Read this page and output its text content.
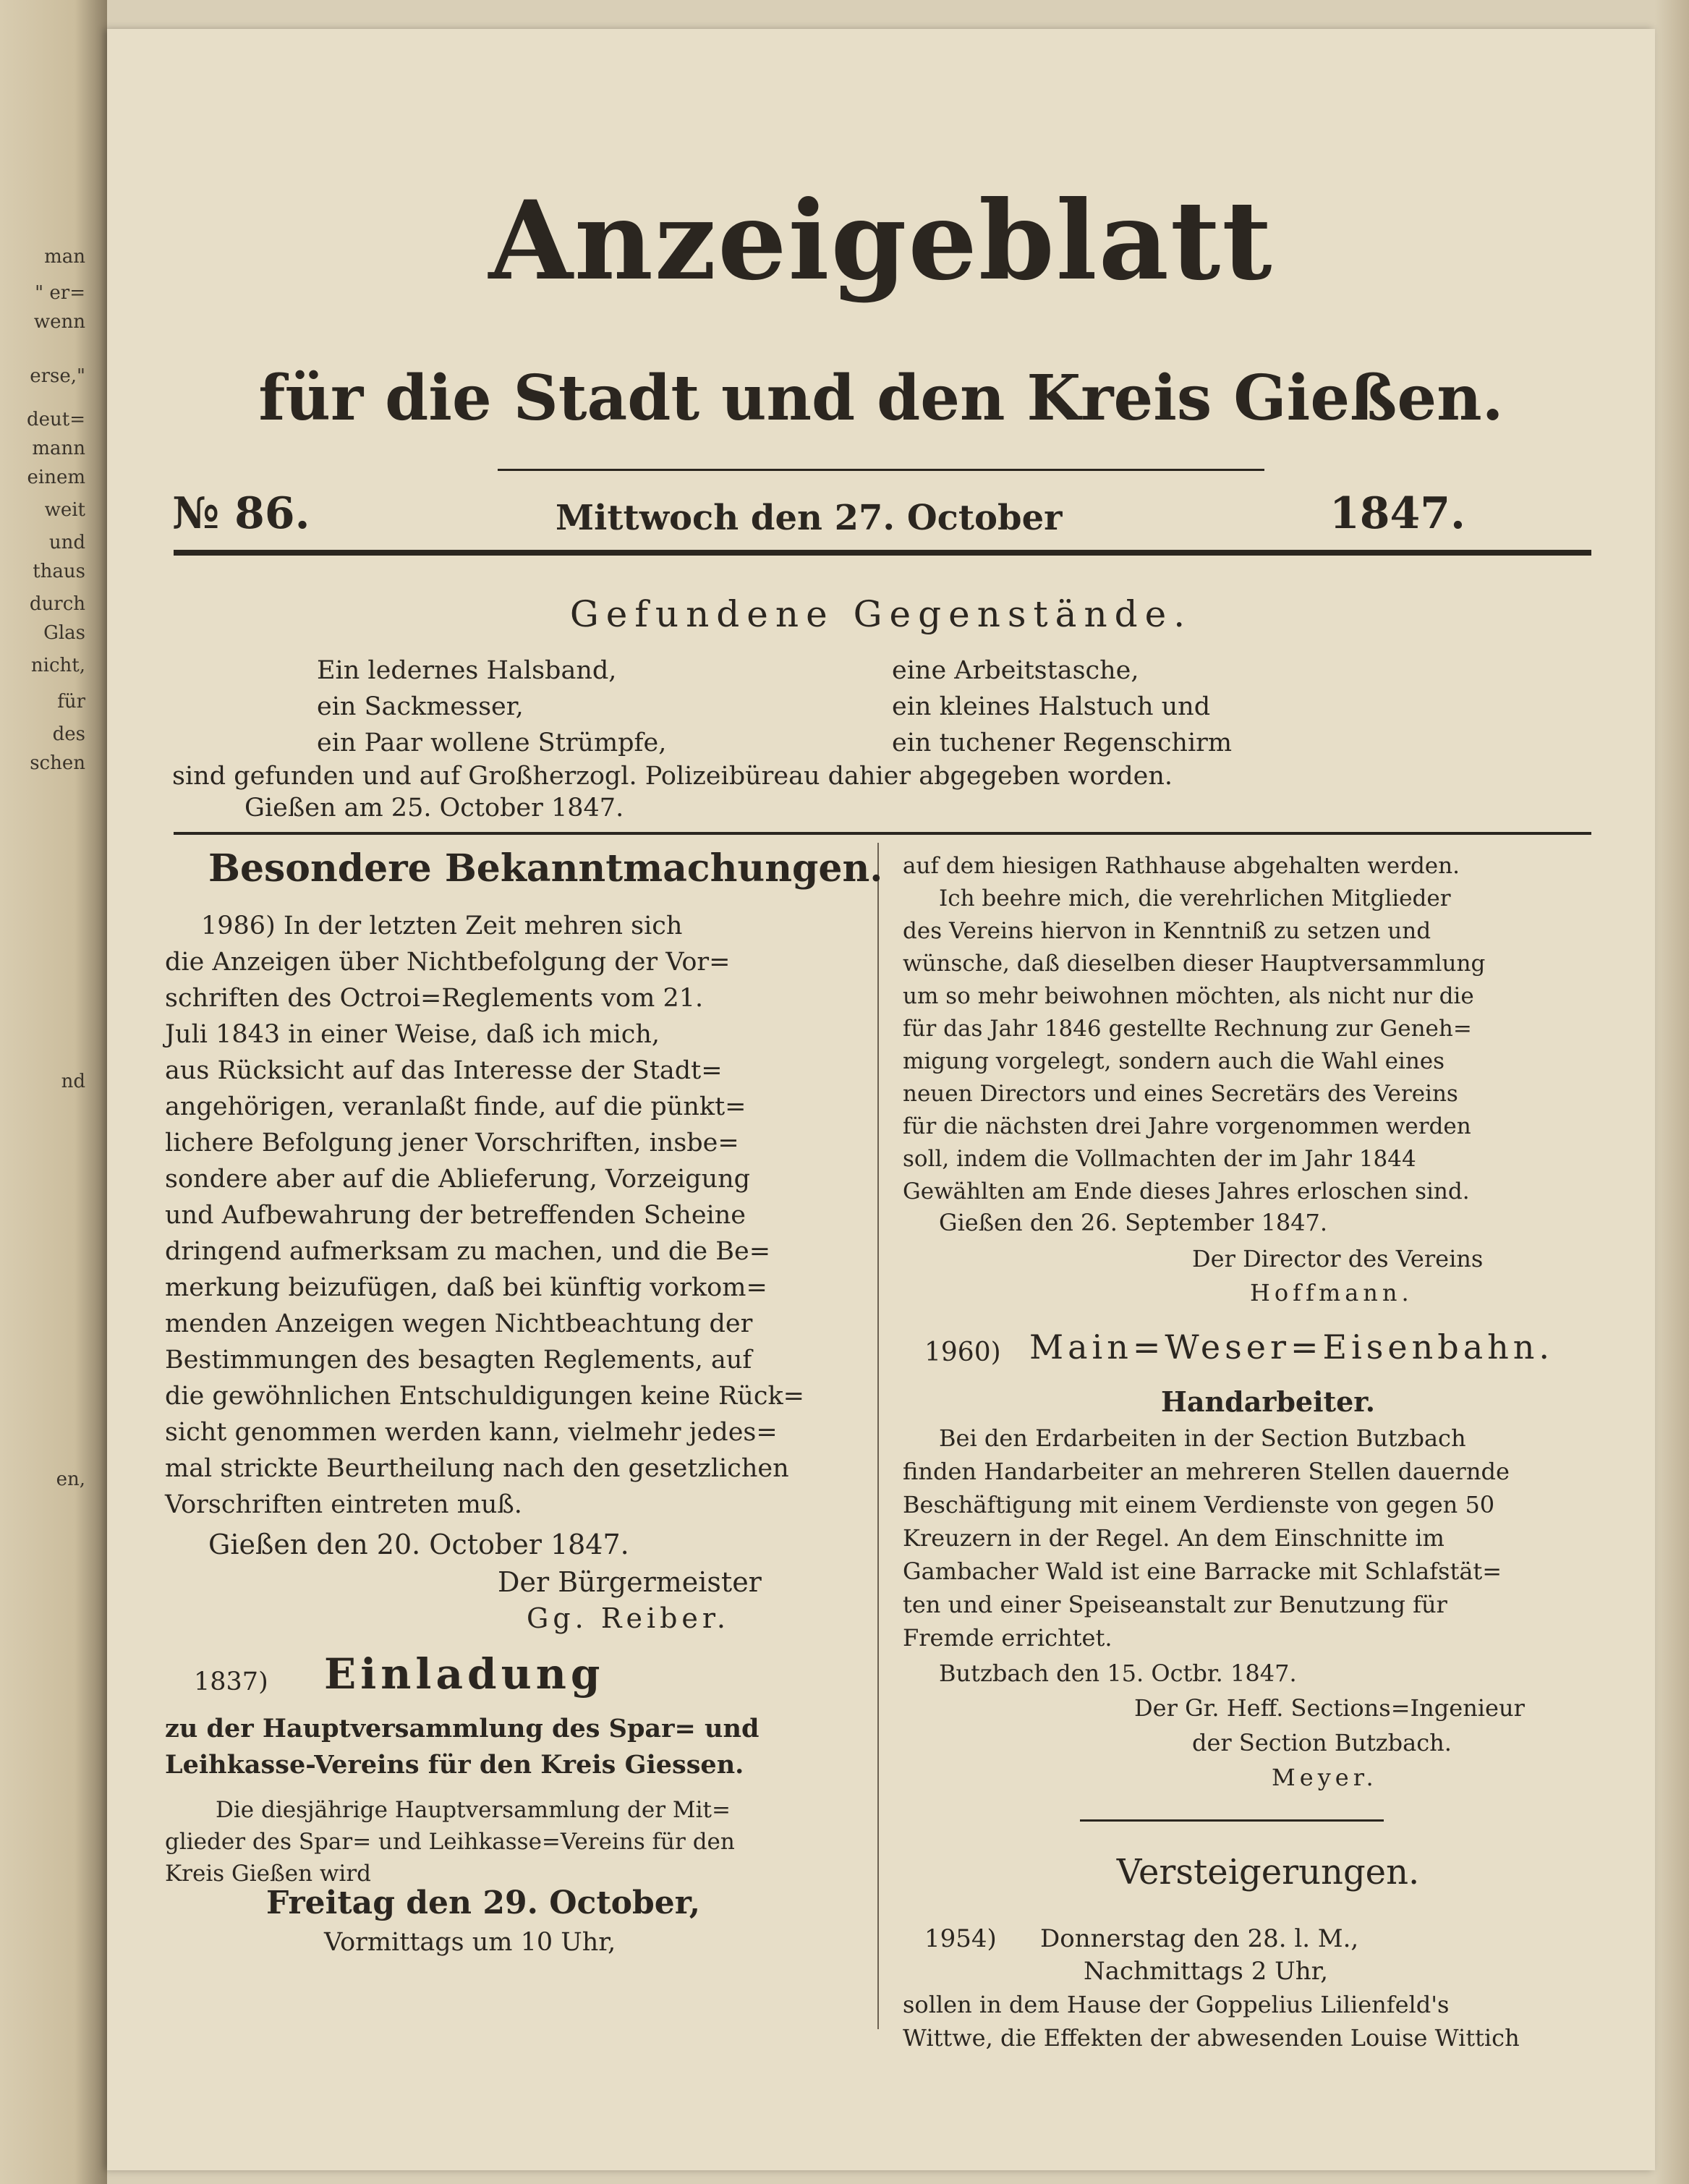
man
" er=
wenn
erse,"
deut=
mann
einem
weit
und
thaus
durch
Glas
nicht,
für
des
schen
nd
en,
Anzeigeblatt
für die Stadt und den Kreis Gießen.
№ 86.	Mittwoch den 27. October	1847.
Gefundene Gegenstände.
Ein ledernes Halsband,	eine Arbeitstasche,
ein Sackmesser,	ein kleines Halstuch und
ein Paar wollene Strümpfe,	ein tuchener Regenschirm
sind gefunden und auf Großherzogl. Polizeibüreau dahier abgegeben worden.
Gießen am 25. October 1847.
Besondere Bekanntmachungen.
1986) In der letzten Zeit mehren sich
die Anzeigen über Nichtbefolgung der Vor=
schriften des Octroi=Reglements vom 21.
Juli 1843 in einer Weise, daß ich mich,
aus Rücksicht auf das Interesse der Stadt=
angehörigen, veranlaßt finde, auf die pünkt=
lichere Befolgung jener Vorschriften, insbe=
sondere aber auf die Ablieferung, Vorzeigung
und Aufbewahrung der betreffenden Scheine
dringend aufmerksam zu machen, und die Be=
merkung beizufügen, daß bei künftig vorkom=
menden Anzeigen wegen Nichtbeachtung der
Bestimmungen des besagten Reglements, auf
die gewöhnlichen Entschuldigungen keine Rück=
sicht genommen werden kann, vielmehr jedes=
mal strickte Beurtheilung nach den gesetzlichen
Vorschriften eintreten muß.
Gießen den 20. October 1847.
Der Bürgermeister
Gg. Reiber.
1837) Einladung
zu der Hauptversammlung des Spar= und
Leihkasse-Vereins für den Kreis Giessen.
Die diesjährige Hauptversammlung der Mit=
glieder des Spar= und Leihkasse=Vereins für den
Kreis Gießen wird
Freitag den 29. October,
Vormittags um 10 Uhr,
auf dem hiesigen Rathhause abgehalten werden.
Ich beehre mich, die verehrlichen Mitglieder
des Vereins hiervon in Kenntniß zu setzen und
wünsche, daß dieselben dieser Hauptversammlung
um so mehr beiwohnen möchten, als nicht nur die
für das Jahr 1846 gestellte Rechnung zur Geneh=
migung vorgelegt, sondern auch die Wahl eines
neuen Directors und eines Secretärs des Vereins
für die nächsten drei Jahre vorgenommen werden
soll, indem die Vollmachten der im Jahr 1844
Gewählten am Ende dieses Jahres erloschen sind.
Gießen den 26. September 1847.
Der Director des Vereins
Hoffmann.
1960) Main=Weser=Eisenbahn.
Handarbeiter.
Bei den Erdarbeiten in der Section Butzbach
finden Handarbeiter an mehreren Stellen dauernde
Beschäftigung mit einem Verdienste von gegen 50
Kreuzern in der Regel. An dem Einschnitte im
Gambacher Wald ist eine Barracke mit Schlafstät=
ten und einer Speiseanstalt zur Benutzung für
Fremde errichtet.
Butzbach den 15. Octbr. 1847.
Der Gr. Heff. Sections=Ingenieur
der Section Butzbach.
Meyer.
Versteigerungen.
1954) Donnerstag den 28. l. M.,
Nachmittags 2 Uhr,
sollen in dem Hause der Goppelius Lilienfeld's
Wittwe, die Effekten der abwesenden Louise Wittich
